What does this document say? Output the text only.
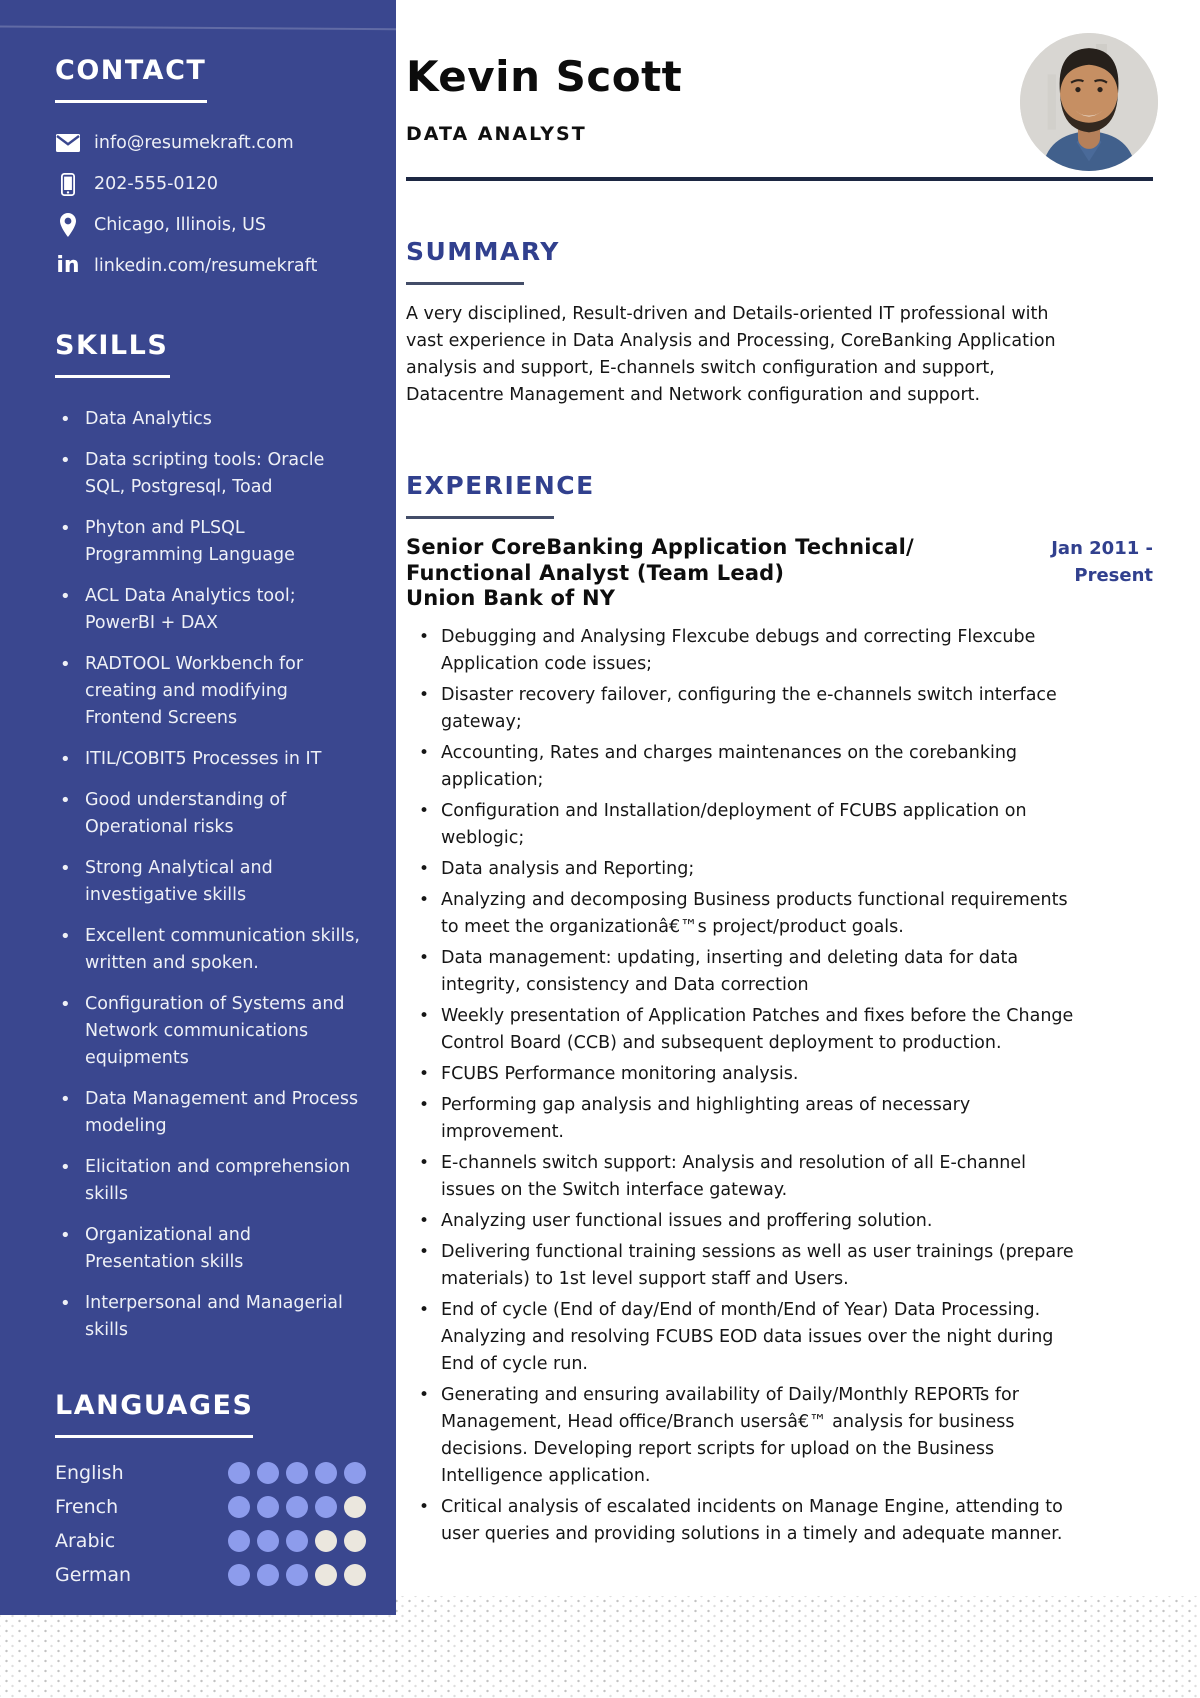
CONTACT
info@resumekraft.com
202-555-0120
Chicago, Illinois, US
in linkedin.com/resumekraft
SKILLS
• Data Analytics
• Data scripting tools: Oracle SQL, Postgresql, Toad
• Phyton and PLSQL Programming Language
• ACL Data Analytics tool; PowerBI + DAX
• RADTOOL Workbench for creating and modifying Frontend Screens
• ITIL/COBIT5 Processes in IT
• Good understanding of Operational risks
• Strong Analytical and investigative skills
• Excellent communication skills, written and spoken.
• Configuration of Systems and Network communications equipments
• Data Management and Process modeling
• Elicitation and comprehension skills
• Organizational and Presentation skills
• Interpersonal and Managerial skills
LANGUAGES
English
French
Arabic
German
Kevin Scott
DATA ANALYST
SUMMARY

A very disciplined, Result-driven and Details-oriented IT professional with vast experience in Data Analysis and Processing, CoreBanking Application analysis and support, E-channels switch configuration and support, Datacentre Management and Network configuration and support.

EXPERIENCE
Senior CoreBanking Application Technical/ Functional Analyst (Team Lead)
Union Bank of NY
Jan 2011 - Present
• Debugging and Analysing Flexcube debugs and correcting Flexcube Application code issues;
• Disaster recovery failover, configuring the e-channels switch interface gateway;
• Accounting, Rates and charges maintenances on the corebanking application;
• Configuration and Installation/deployment of FCUBS application on weblogic;
• Data analysis and Reporting;
• Analyzing and decomposing Business products functional requirements to meet the organizationâ€™s project/product goals.
• Data management: updating, inserting and deleting data for data integrity, consistency and Data correction
• Weekly presentation of Application Patches and fixes before the Change Control Board (CCB) and subsequent deployment to production.
• FCUBS Performance monitoring analysis.
• Performing gap analysis and highlighting areas of necessary improvement.
• E-channels switch support: Analysis and resolution of all E-channel issues on the Switch interface gateway.
• Analyzing user functional issues and proffering solution.
• Delivering functional training sessions as well as user trainings (prepare materials) to 1st level support staff and Users.
• End of cycle (End of day/End of month/End of Year) Data Processing. Analyzing and resolving FCUBS EOD data issues over the night during End of cycle run.
• Generating and ensuring availability of Daily/Monthly REPORTs for Management, Head office/Branch usersâ€™ analysis for business decisions. Developing report scripts for upload on the Business Intelligence application.
• Critical analysis of escalated incidents on Manage Engine, attending to user queries and providing solutions in a timely and adequate manner.
